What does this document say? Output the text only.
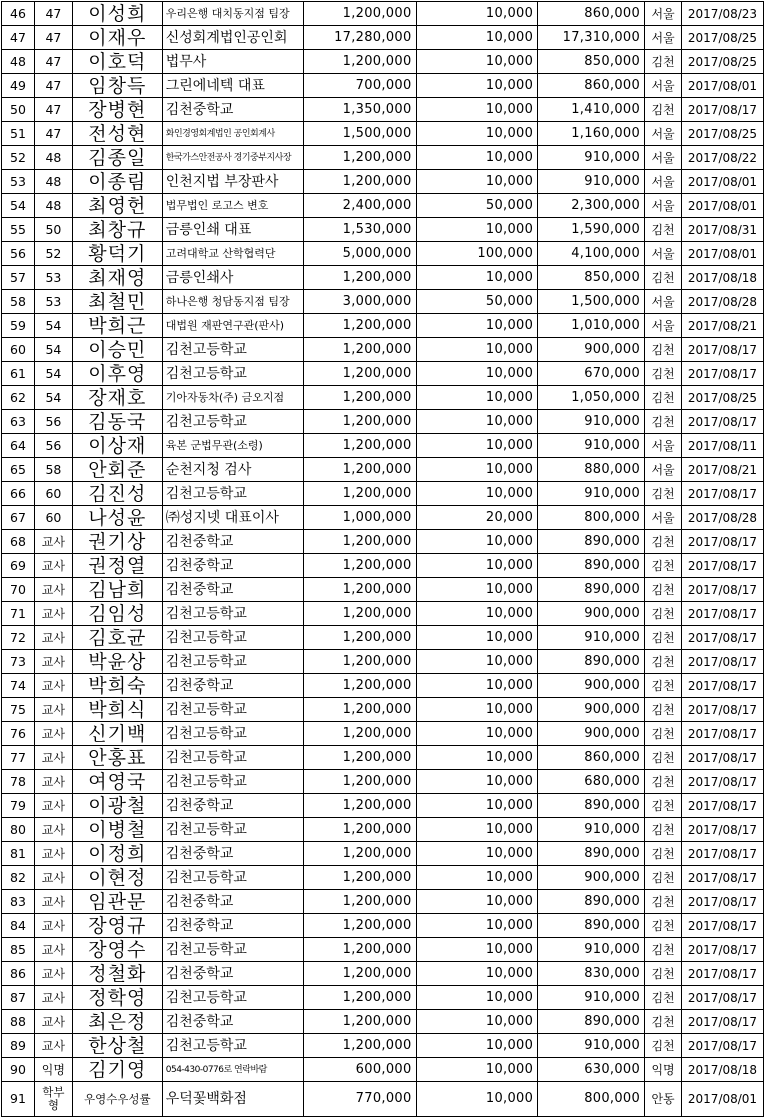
46	47	이성희	우리은행 대치동지점 팀장	1,200,000	10,000	860,000	서울	2017/08/23
47	47	이재우	신성회계법인공인회	17,280,000	10,000	17,310,000	서울	2017/08/25
48	47	이호덕	법무사	1,200,000	10,000	850,000	김천	2017/08/25
49	47	임창득	그린에네텍 대표	700,000	10,000	860,000	서울	2017/08/01
50	47	장병현	김천중학교	1,350,000	10,000	1,410,000	김천	2017/08/17
51	47	전성현	화인경영회계법인 공인회계사	1,500,000	10,000	1,160,000	서울	2017/08/25
52	48	김종일	한국가스안전공사 경기중부지사장	1,200,000	10,000	910,000	서울	2017/08/22
53	48	이종림	인천지법 부장판사	1,200,000	10,000	910,000	서울	2017/08/01
54	48	최영헌	법무법인 로고스 변호	2,400,000	50,000	2,300,000	서울	2017/08/01
55	50	최창규	금릉인쇄 대표	1,530,000	10,000	1,590,000	김천	2017/08/31
56	52	황덕기	고려대학교 산학협력단	5,000,000	100,000	4,100,000	서울	2017/08/01
57	53	최재영	금릉인쇄사	1,200,000	10,000	850,000	김천	2017/08/18
58	53	최철민	하나은행 청담동지점 팀장	3,000,000	50,000	1,500,000	서울	2017/08/28
59	54	박희근	대법원 재판연구관(판사)	1,200,000	10,000	1,010,000	서울	2017/08/21
60	54	이승민	김천고등학교	1,200,000	10,000	900,000	김천	2017/08/17
61	54	이후영	김천고등학교	1,200,000	10,000	670,000	김천	2017/08/17
62	54	장재호	기아자동차(주) 금오지점	1,200,000	10,000	1,050,000	김천	2017/08/25
63	56	김동국	김천고등학교	1,200,000	10,000	910,000	김천	2017/08/17
64	56	이상재	육본 군법무관(소령)	1,200,000	10,000	910,000	서울	2017/08/11
65	58	안회준	순천지청 검사	1,200,000	10,000	880,000	서울	2017/08/21
66	60	김진성	김천고등학교	1,200,000	10,000	910,000	김천	2017/08/17
67	60	나성윤	㈜성지넷 대표이사	1,000,000	20,000	800,000	서울	2017/08/28
68	교사	권기상	김천중학교	1,200,000	10,000	890,000	김천	2017/08/17
69	교사	권정열	김천중학교	1,200,000	10,000	890,000	김천	2017/08/17
70	교사	김남희	김천중학교	1,200,000	10,000	890,000	김천	2017/08/17
71	교사	김임성	김천고등학교	1,200,000	10,000	900,000	김천	2017/08/17
72	교사	김호균	김천고등학교	1,200,000	10,000	910,000	김천	2017/08/17
73	교사	박윤상	김천고등학교	1,200,000	10,000	890,000	김천	2017/08/17
74	교사	박희숙	김천중학교	1,200,000	10,000	900,000	김천	2017/08/17
75	교사	박희식	김천고등학교	1,200,000	10,000	900,000	김천	2017/08/17
76	교사	신기백	김천고등학교	1,200,000	10,000	900,000	김천	2017/08/17
77	교사	안홍표	김천고등학교	1,200,000	10,000	860,000	김천	2017/08/17
78	교사	여영국	김천고등학교	1,200,000	10,000	680,000	김천	2017/08/17
79	교사	이광철	김천중학교	1,200,000	10,000	890,000	김천	2017/08/17
80	교사	이병철	김천고등학교	1,200,000	10,000	910,000	김천	2017/08/17
81	교사	이정희	김천중학교	1,200,000	10,000	890,000	김천	2017/08/17
82	교사	이현정	김천고등학교	1,200,000	10,000	900,000	김천	2017/08/17
83	교사	임관문	김천중학교	1,200,000	10,000	890,000	김천	2017/08/17
84	교사	장영규	김천중학교	1,200,000	10,000	890,000	김천	2017/08/17
85	교사	장영수	김천고등학교	1,200,000	10,000	910,000	김천	2017/08/17
86	교사	정철화	김천중학교	1,200,000	10,000	830,000	김천	2017/08/17
87	교사	정학영	김천고등학교	1,200,000	10,000	910,000	김천	2017/08/17
88	교사	최은정	김천중학교	1,200,000	10,000	890,000	김천	2017/08/17
89	교사	한상철	김천고등학교	1,200,000	10,000	910,000	김천	2017/08/17
90	익명	김기영	054-430-0776로 연락바람	600,000	10,000	630,000	익명	2017/08/18
91	학부형	우영수우성률	우덕꽃백화점	770,000	10,000	800,000	안동	2017/08/01
